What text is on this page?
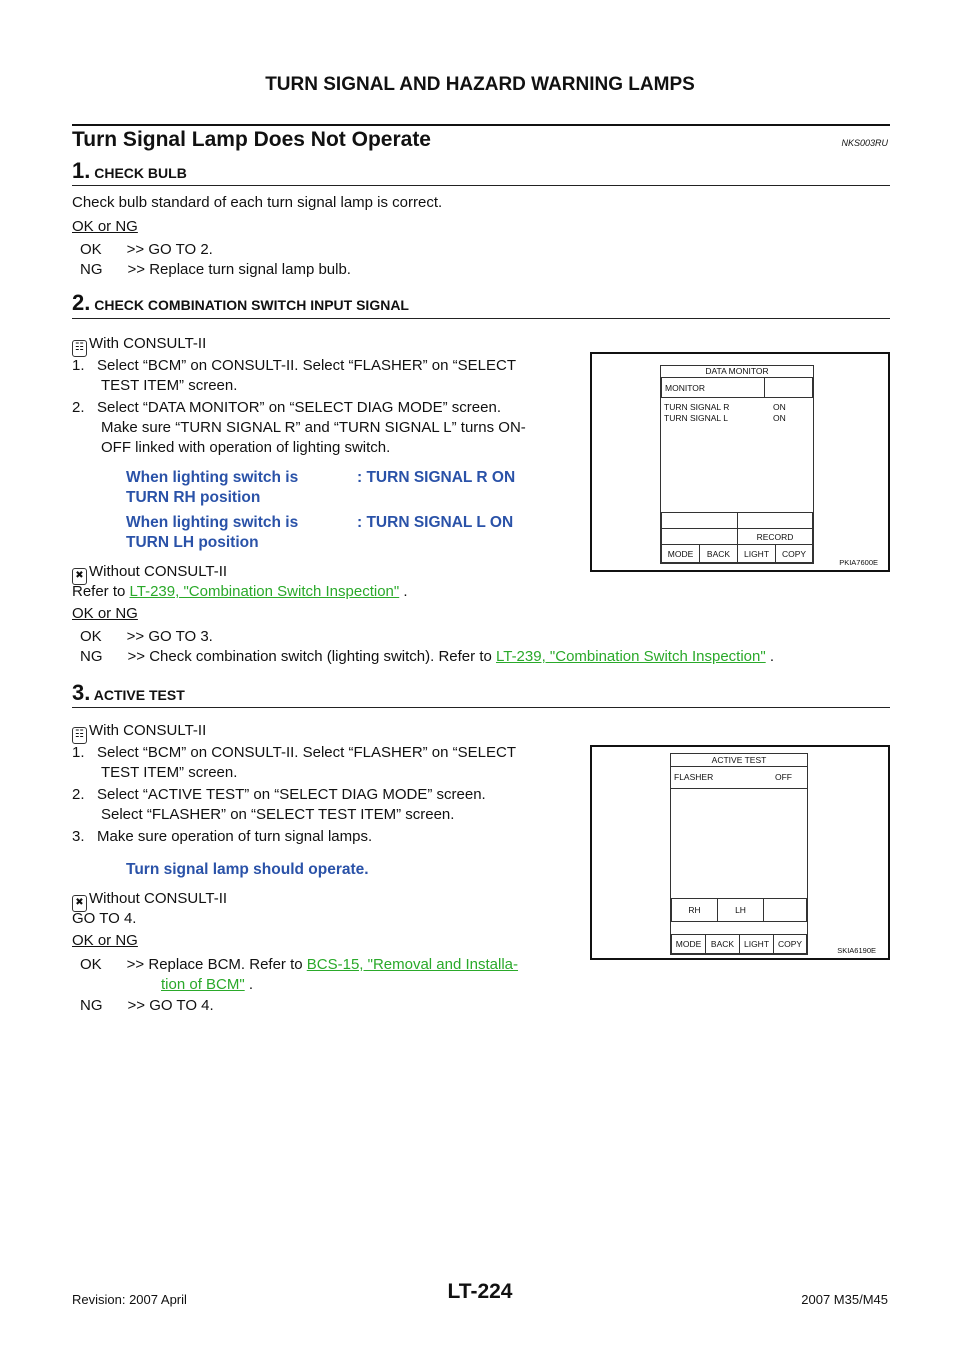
TURN SIGNAL AND HAZARD WARNING LAMPS
Turn Signal Lamp Does Not Operate	NKS003RU
1. CHECK BULB
Check bulb standard of each turn signal lamp is correct.
OK or NG
OK      >> GO TO 2.
NG      >> Replace turn signal lamp bulb.
2. CHECK COMBINATION SWITCH INPUT SIGNAL
☷ With CONSULT-II
1.   Select “BCM” on CONSULT-II. Select “FLASHER” on “SELECT
TEST ITEM” screen.
2.   Select “DATA MONITOR” on “SELECT DIAG MODE” screen.
Make sure “TURN SIGNAL R” and “TURN SIGNAL L” turns ON-
OFF linked with operation of lighting switch.
When lighting switch is
TURN RH position
: TURN SIGNAL R ON
When lighting switch is
TURN LH position
: TURN SIGNAL L ON
✖ Without CONSULT-II
Refer to LT-239, "Combination Switch Inspection" .
OK or NG
OK      >> GO TO 3.
NG      >> Check combination switch (lighting switch). Refer to LT-239, "Combination Switch Inspection" .
DATA MONITOR
MONITOR
TURN SIGNAL R	ON
TURN SIGNAL L	ON
RECORD
MODE	BACK	LIGHT	COPY
PKIA7600E
3. ACTIVE TEST
☷ With CONSULT-II
1.   Select “BCM” on CONSULT-II. Select “FLASHER” on “SELECT
TEST ITEM” screen.
2.   Select “ACTIVE TEST” on “SELECT DIAG MODE” screen.
Select “FLASHER” on “SELECT TEST ITEM” screen.
3.   Make sure operation of turn signal lamps.
Turn signal lamp should operate.
✖ Without CONSULT-II
GO TO 4.
OK or NG
OK      >> Replace BCM. Refer to BCS-15, "Removal and Installa-
tion of BCM" .
NG      >> GO TO 4.
ACTIVE TEST
FLASHER	OFF
RH	LH
MODE	BACK	LIGHT	COPY
SKIA6190E
LT-224
Revision: 2007 April	2007 M35/M45
